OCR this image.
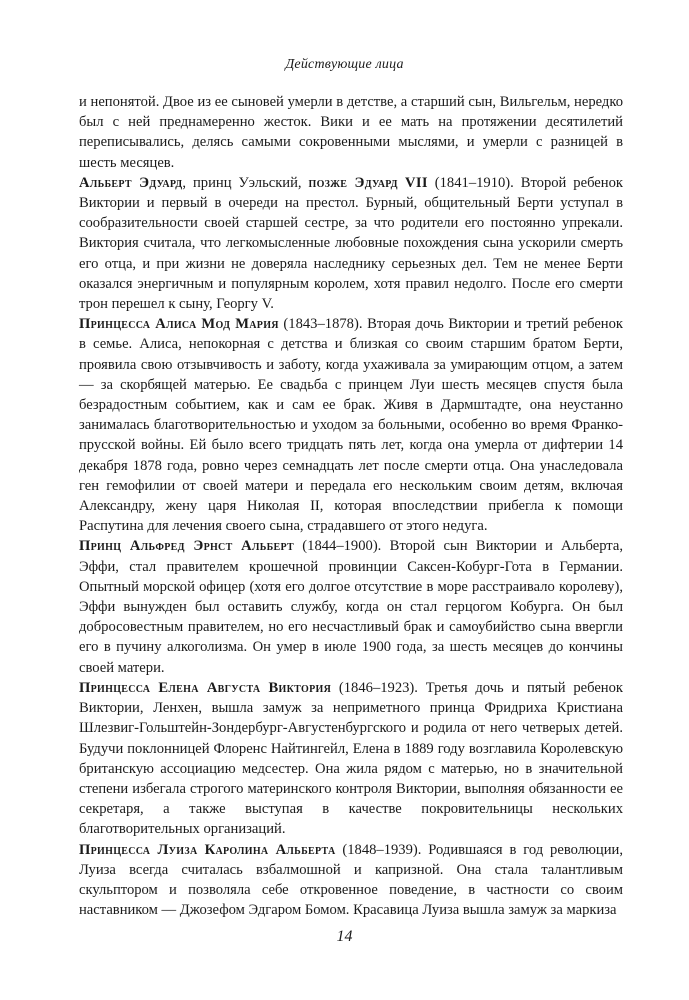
Действующие лица

и непонятой. Двое из ее сыновей умерли в детстве, а старший сын, Вильгельм, нередко был с ней преднамеренно жесток. Вики и ее мать на протяжении десятилетий переписывались, делясь самыми сокровенными мыслями, и умерли с разницей в шесть месяцев.

Альберт Эдуард, принц Уэльский, позже Эдуард VII (1841–1910). Второй ребенок Виктории и первый в очереди на престол. Бурный, общительный Берти уступал в сообразительности своей старшей сестре, за что родители его постоянно упрекали. Виктория считала, что легкомысленные любовные похождения сына ускорили смерть его отца, и при жизни не доверяла наследнику серьезных дел. Тем не менее Берти оказался энергичным и популярным королем, хотя правил недолго. После его смерти трон перешел к сыну, Георгу V.

Принцесса Алиса Мод Мария (1843–1878). Вторая дочь Виктории и третий ребенок в семье. Алиса, непокорная с детства и близкая со своим старшим братом Берти, проявила свою отзывчивость и заботу, когда ухаживала за умирающим отцом, а затем — за скорбящей матерью. Ее свадьба с принцем Луи шесть месяцев спустя была безрадостным событием, как и сам ее брак. Живя в Дармштадте, она неустанно занималась благотворительностью и уходом за больными, особенно во время Франко-прусской войны. Ей было всего тридцать пять лет, когда она умерла от дифтерии 14 декабря 1878 года, ровно через семнадцать лет после смерти отца. Она унаследовала ген гемофилии от своей матери и передала его нескольким своим детям, включая Александру, жену царя Николая II, которая впоследствии прибегла к помощи Распутина для лечения своего сына, страдавшего от этого недуга.

Принц Альфред Эрнст Альберт (1844–1900). Второй сын Виктории и Альберта, Эффи, стал правителем крошечной провинции Саксен-Кобург-Гота в Германии. Опытный морской офицер (хотя его долгое отсутствие в море расстраивало королеву), Эффи вынужден был оставить службу, когда он стал герцогом Кобурга. Он был добросовестным правителем, но его несчастливый брак и самоубийство сына ввергли его в пучину алкоголизма. Он умер в июле 1900 года, за шесть месяцев до кончины своей матери.

Принцесса Елена Августа Виктория (1846–1923). Третья дочь и пятый ребенок Виктории, Ленхен, вышла замуж за неприметного принца Фридриха Кристиана Шлезвиг-Гольштейн-Зондербург-Августенбургского и родила от него четверых детей. Будучи поклонницей Флоренс Найтингейл, Елена в 1889 году возглавила Королевскую британскую ассоциацию медсестер. Она жила рядом с матерью, но в значительной степени избегала строгого материнского контроля Виктории, выполняя обязанности ее секретаря, а также выступая в качестве покровительницы нескольких благотворительных организаций.

Принцесса Луиза Каролина Альберта (1848–1939). Родившаяся в год революции, Луиза всегда считалась взбалмошной и капризной. Она стала талантливым скульптором и позволяла себе откровенное поведение, в частности со своим наставником — Джозефом Эдгаром Бомом. Красавица Луиза вышла замуж за маркиза

14
